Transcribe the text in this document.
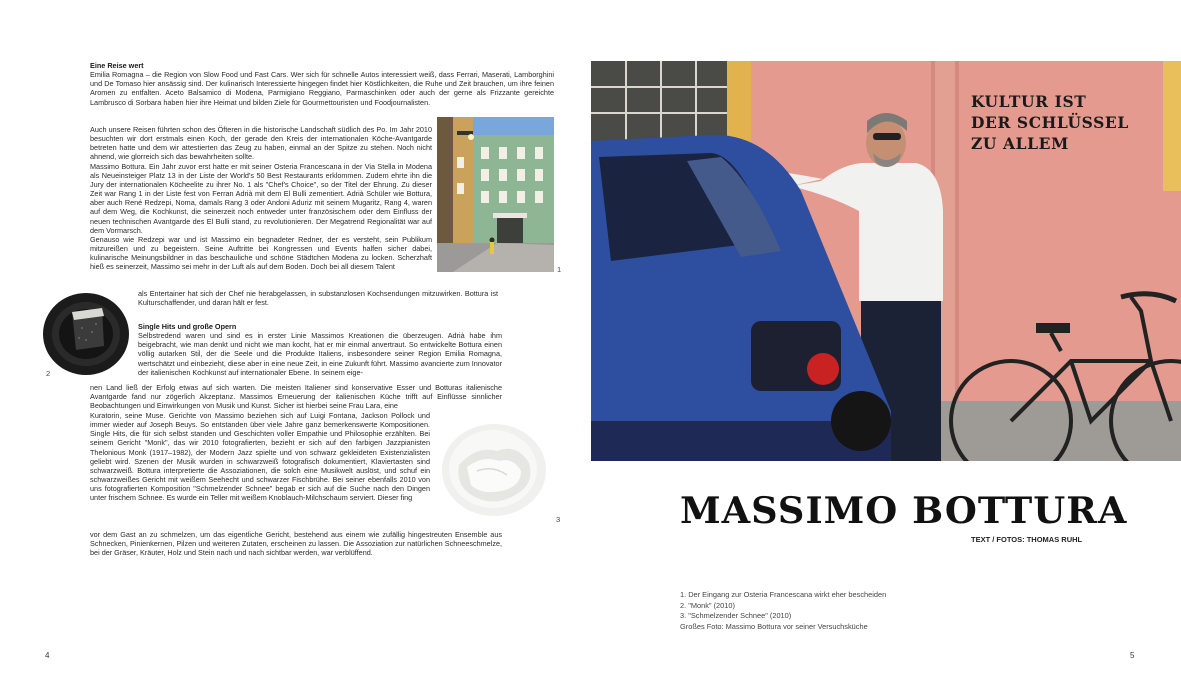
Eine Reise wert

Emilia Romagna – die Region von Slow Food und Fast Cars. Wer sich für schnelle Autos interessiert weiß, dass Ferrari, Maserati, Lamborghini und De Tomaso hier ansässig sind. Der kulinarisch Interessierte hingegen findet hier Köstlichkeiten, die Ruhe und Zeit brauchen, um ihre feinen Aromen zu entfalten. Aceto Balsamico di Modena, Parmigiano Reggiano, Parmaschinken oder auch der gerne als Frizzante gereichte Lambrusco di Sorbara haben hier ihre Heimat und bilden Ziele für Gourmettouristen und Foodjournalisten.

Auch unsere Reisen führten schon des Öfteren in die historische Landschaft südlich des Po. Im Jahr 2010 besuchten wir dort erstmals einen Koch, der gerade den Kreis der internationalen Köche-Avantgarde betreten hatte und dem wir attestierten das Zeug zu haben, einmal an der Spitze zu stehen. Noch nicht ahnend, wie glorreich sich das bewahrheiten sollte.

Massimo Bottura. Ein Jahr zuvor erst hatte er mit seiner Osteria Francescana in der Via Stella in Modena als Neueinsteiger Platz 13 in der Liste der World's 50 Best Restaurants erklommen. Zudem ehrte ihn die Jury der internationalen Köcheelite zu ihrer No. 1 als "Chef's Choice", so der Titel der Ehrung. Zu dieser Zeit war Rang 1 in der Liste fest von Ferran Adrià mit dem El Bulli zementiert. Adrià Schüler wie Bottura, aber auch René Redzepi, Noma, damals Rang 3 oder Andoni Aduriz mit seinem Mugaritz, Rang 4, waren auf dem Weg, die Kochkunst, die seinerzeit noch entweder unter französischem oder dem Einfluss der neuen technischen Avantgarde des El Bulli stand, zu revolutionieren. Der Megatrend Regionalität war auf dem Vormarsch.

Genauso wie Redzepi war und ist Massimo ein begnadeter Redner, der es versteht, sein Publikum mitzureißen und zu begeistern. Seine Auftritte bei Kongressen und Events halfen sicher dabei, kulinarische Meinungsbildner in das beschauliche und schöne Städtchen Modena zu locken. Scherzhaft hieß es seinerzeit, Massimo sei mehr in der Luft als auf dem Boden. Doch bei all diesem Talent

als Entertainer hat sich der Chef nie herabgelassen, in substanzlosen Kochsendungen mitzuwirken. Bottura ist Kulturschaffender, und daran hält er fest.

Single Hits und große Opern

Selbstredend waren und sind es in erster Linie Massimos Kreationen die überzeugen. Adrià habe ihm beigebracht, wie man denkt und nicht wie man kocht, hat er mir einmal anvertraut. So entwickelte Bottura einen völlig autarken Stil, der die Seele und die Produkte Italiens, insbesondere seiner Region Emilia Romagna, wertschätzt und einbezieht, diese aber in eine neue Zeit, in eine Zukunft führt. Massimo avancierte zum Innovator der italienischen Kochkunst auf internationaler Ebene. In seinem eige-

nen Land ließ der Erfolg etwas auf sich warten. Die meisten Italiener sind konservative Esser und Botturas italienische Avantgarde fand nur zögerlich Akzeptanz. Massimos Erneuerung der italienischen Küche trifft auf Einflüsse sinnlicher Beobachtungen und Einwirkungen von Musik und Kunst. Sicher ist hierbei seine Frau Lara, eine

Kuratorin, seine Muse. Gerichte von Massimo beziehen sich auf Luigi Fontana, Jackson Pollock und immer wieder auf Joseph Beuys. So entstanden über viele Jahre ganz bemerkenswerte Kompositionen. Single Hits, die für sich selbst standen und Geschichten voller Empathie und Philosophie erzählten. Bei seinem Gericht "Monk", das wir 2010 fotografierten, bezieht er sich auf den farbigen Jazzpianisten Thelonious Monk (1917–1982), der Modern Jazz spielte und von schwarz gekleideten Existenzialisten geliebt wird. Szenen der Musik wurden in schwarzweiß fotografisch dokumentiert, Klaviertasten sind schwarzweiß. Bottura interpretierte die Assoziationen, die solch eine Musikwelt auslöst, und schuf ein schwarzweißes Gericht mit weißem Seehecht und schwarzer Fischbrühe. Bei seiner ebenfalls 2010 von uns fotografierten Komposition "Schmelzender Schnee" begab er sich auf die Suche nach den Dingen unter frischem Schnee. Es wurde ein Teller mit weißem Knoblauch-Milchschaum serviert. Dieser fing

vor dem Gast an zu schmelzen, um das eigentliche Gericht, bestehend aus einem wie zufällig hingestreuten Ensemble aus Schnecken, Pinienkernen, Pilzen und weiteren Zutaten, erscheinen zu lassen. Die Assoziation zur natürlichen Schneeschmelze, bei der Gräser, Kräuter, Holz und Stein nach und nach sichtbar werden, war verblüffend.

1
2
3
4
KULTUR IST
DER SCHLÜSSEL
ZU ALLEM
MASSIMO BOTTURA
TEXT / FOTOS: THOMAS RUHL
1. Der Eingang zur Osteria Francescana wirkt eher bescheiden
2. "Monk" (2010)
3. "Schmelzender Schnee" (2010)
Großes Foto: Massimo Bottura vor seiner Versuchsküche
5
